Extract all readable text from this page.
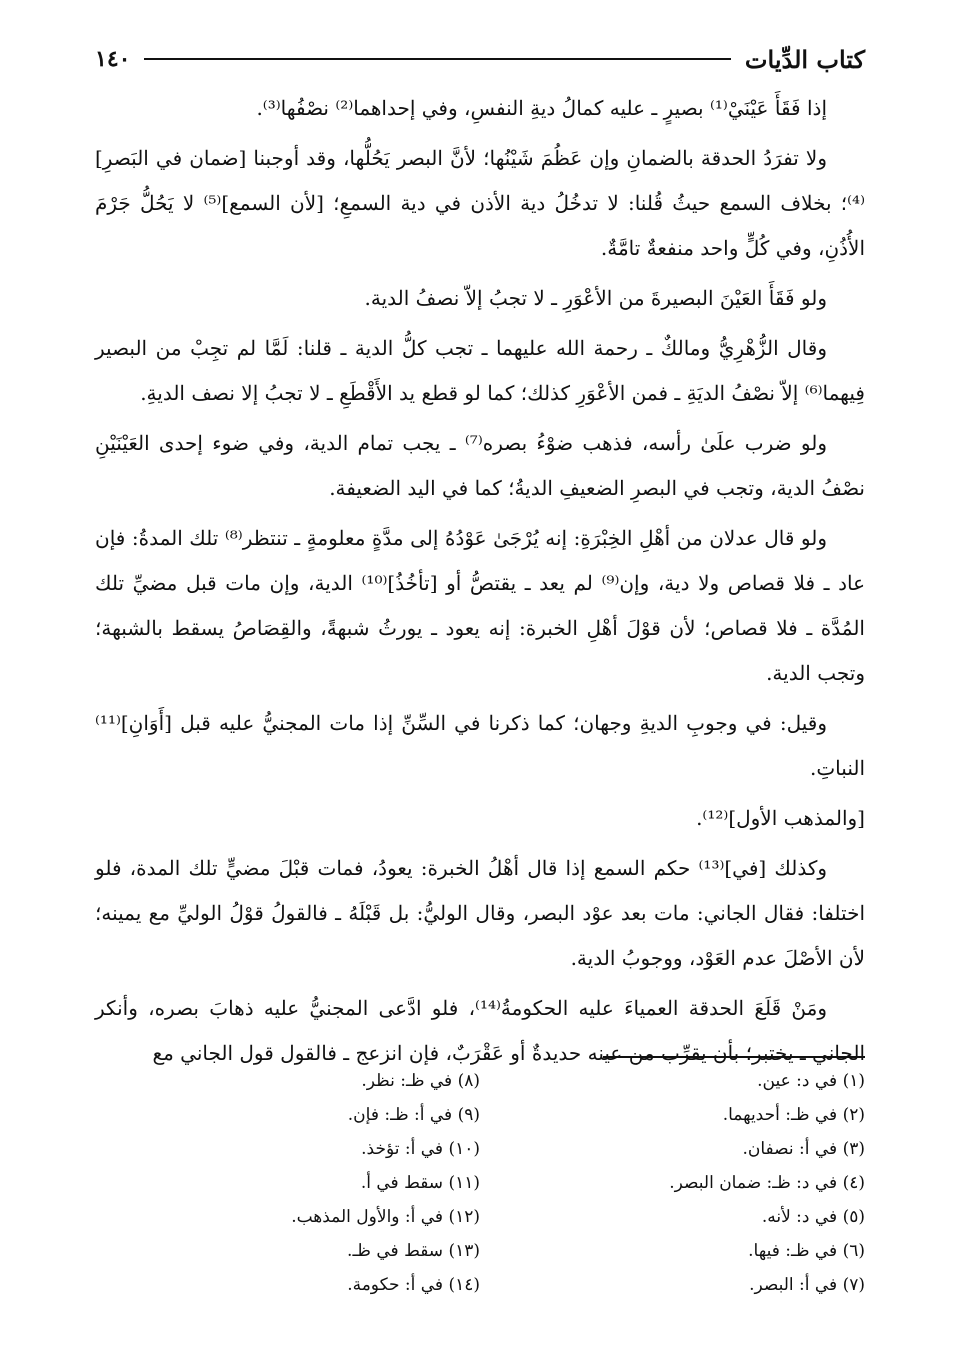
كتاب الدِّيات
١٤٠

إذا فَقَأَ عَيْنَيْ⁽¹⁾ بصيرٍ ـ عليه كمالُ ديةِ النفسِ، وفي إحداهما⁽²⁾ نصْفُها⁽³⁾.

ولا تفرَدُ الحدقة بالضمانِ وإن عَظُمَ شَيْنُها؛ لأنَّ البصر يَحُلُّها، وقد أوجبنا [ضمان في البَصرِ]⁽⁴⁾؛ بخلاف السمع حيثُ قُلنا: لا تدخُلُ دية الأذن في دية السمعِ؛ [لأن السمع]⁽⁵⁾ لا يَحُلُّ جَرْمَ الأُذُنِ، وفي كُلٍّ واحد منفعةٌ تامَّةٌ.

ولو فَقَأَ العَيْنَ البصيرةَ من الأعْوَرِ ـ لا تجبُ إلاّ نصفُ الدية.

وقال الزُّهْرِيُّ ومالكٌ ـ رحمة الله عليهما ـ تجب كلُّ الدية ـ قلنا: لَمَّا لم تجِبْ من البصير فِيهما⁽⁶⁾ إلاّ نصْفُ الديَةِ ـ فمن الأعْوَرِ كذلك؛ كما لو قطع يد الأَقْطَعِ ـ لا تجبُ إلا نصف الديةِ.

ولو ضرب علَىٰ رأسه، فذهب ضوْءُ بصره⁽⁷⁾ ـ يجب تمام الدية، وفي ضوء إحدى العَيْنَيْنِ نصْفُ الدية، وتجب في البصرِ الضعيفِ الديةُ؛ كما في اليد الضعيفة.

ولو قال عدلان من أهْلِ الخِبْرَةِ: إنه يُرْجَىٰ عَوْدُهُ إلى مدَّةٍ معلومةٍ ـ تنتظر⁽⁸⁾ تلك المدةُ: فإن عاد ـ فلا قصاص ولا دية، وإن⁽⁹⁾ لم يعد ـ يقتصُّ أو [تأخُذُ]⁽¹⁰⁾ الدية، وإن مات قبل مضيِّ تلك المُدَّة ـ فلا قصاص؛ لأن قوْلَ أهْلِ الخبرة: إنه يعود ـ يورثُ شبهةً، والقِصَاصُ يسقط بالشبهة؛ وتجب الدية.

وقيل: في وجوبِ الديةِ وجهان؛ كما ذكرنا في السِّنِّ إذا مات المجنيُّ عليه قبل [أَوَانِ]⁽¹¹⁾ النباتِ.

[والمذهب الأول]⁽¹²⁾.

وكذلك [في]⁽¹³⁾ حكم السمع إذا قال أهْلُ الخبرة: يعودُ، فمات قبْلَ مضيٍّ تلك المدة، فلو اختلفا: فقال الجاني: مات بعد عوْد البصر، وقال الوليُّ: بل قَبْلَهُ ـ فالقولُ قوْلُ الوليِّ مع يمينه؛ لأن الأصْلَ عدم العَوْد، ووجوبُ الدية.

ومَنْ قَلَعَ الحدقة العمياءَ عليه الحكومةُ⁽¹⁴⁾، فلو ادَّعى المجنيُّ عليه ذهابَ بصره، وأنكر الجاني ـ يختبر؛ بأن يقرِّب من عينه حديدةٌ أو عَقْرَبٌ، فإن انزعج ـ فالقول قول الجاني مع

(١) في د: عين.
(٢) في ظـ: أحديهما.
(٣) في أ: نصفان.
(٤) في د: ظـ: ضمان البصر.
(٥) في د: لأنه.
(٦) في ظـ: فيها.
(٧) في أ: البصر.
(٨) في ظـ: نظر.
(٩) في أ: ظـ: فإن.
(١٠) في أ: تؤخذ.
(١١) سقط في أ.
(١٢) في أ: والأول المذهب.
(١٣) سقط في ظـ.
(١٤) في أ: حكومة.
